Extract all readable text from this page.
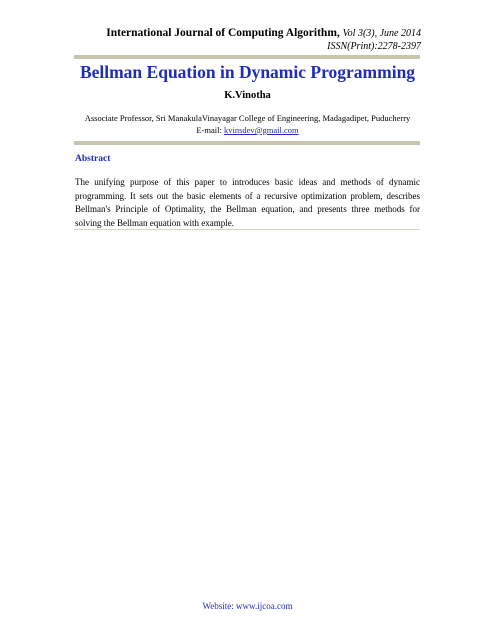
International Journal of Computing Algorithm, Vol 3(3), June 2014
ISSN(Print):2278-2397
Bellman Equation in Dynamic Programming
K.Vinotha
Associate Professor, Sri ManakulaVinayagar College of Engineering, Madagadipet, Puducherry
E-mail: kvinsdev@gmail.com
Abstract
The unifying purpose of this paper to introduces basic ideas and methods of dynamic programming. It sets out the basic elements of a recursive optimization problem, describes Bellman's Principle of Optimality, the Bellman equation, and presents three methods for solving the Bellman equation with example.
Website: www.ijcoa.com
